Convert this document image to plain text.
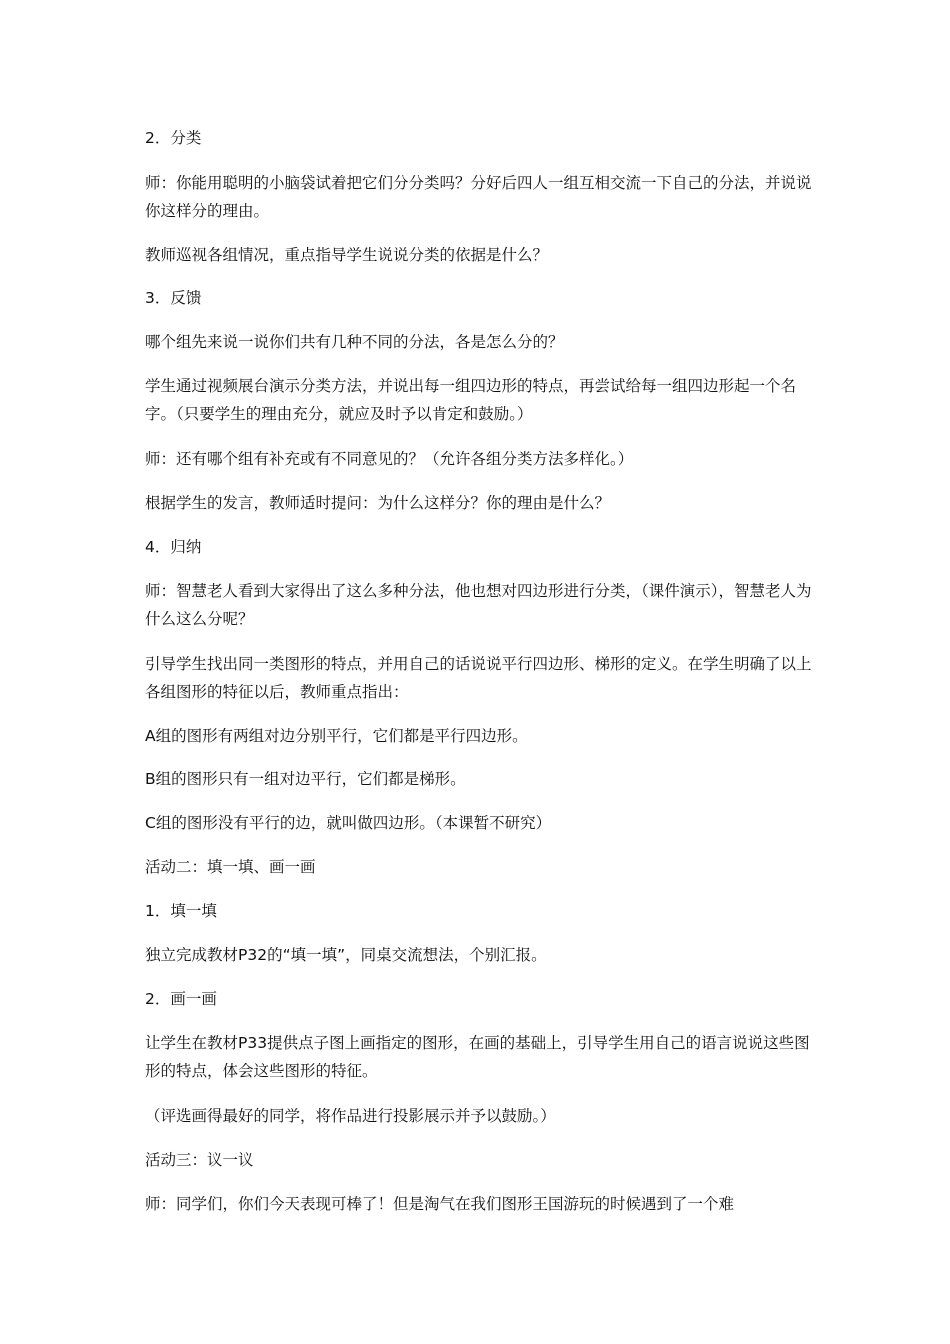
2．分类

师：你能用聪明的小脑袋试着把它们分分类吗？分好后四人一组互相交流一下自己的分法，并说说你这样分的理由。

教师巡视各组情况，重点指导学生说说分类的依据是什么？

3．反馈

哪个组先来说一说你们共有几种不同的分法，各是怎么分的？

学生通过视频展台演示分类方法，并说出每一组四边形的特点，再尝试给每一组四边形起一个名字。（只要学生的理由充分，就应及时予以肯定和鼓励。）

师：还有哪个组有补充或有不同意见的？（允许各组分类方法多样化。）

根据学生的发言，教师适时提问：为什么这样分？你的理由是什么？

4．归纳

师：智慧老人看到大家得出了这么多种分法，他也想对四边形进行分类，（课件演示），智慧老人为什么这么分呢？

引导学生找出同一类图形的特点，并用自己的话说说平行四边形、梯形的定义。在学生明确了以上各组图形的特征以后，教师重点指出：

A组的图形有两组对边分别平行，它们都是平行四边形。

B组的图形只有一组对边平行，它们都是梯形。

C组的图形没有平行的边，就叫做四边形。（本课暂不研究）

活动二：填一填、画一画

1．填一填

独立完成教材P32的“填一填”，同桌交流想法，个别汇报。

2．画一画

让学生在教材P33提供点子图上画指定的图形，在画的基础上，引导学生用自己的语言说说这些图形的特点，体会这些图形的特征。

（评选画得最好的同学，将作品进行投影展示并予以鼓励。）

活动三：议一议

师：同学们，你们今天表现可棒了！但是淘气在我们图形王国游玩的时候遇到了一个难
